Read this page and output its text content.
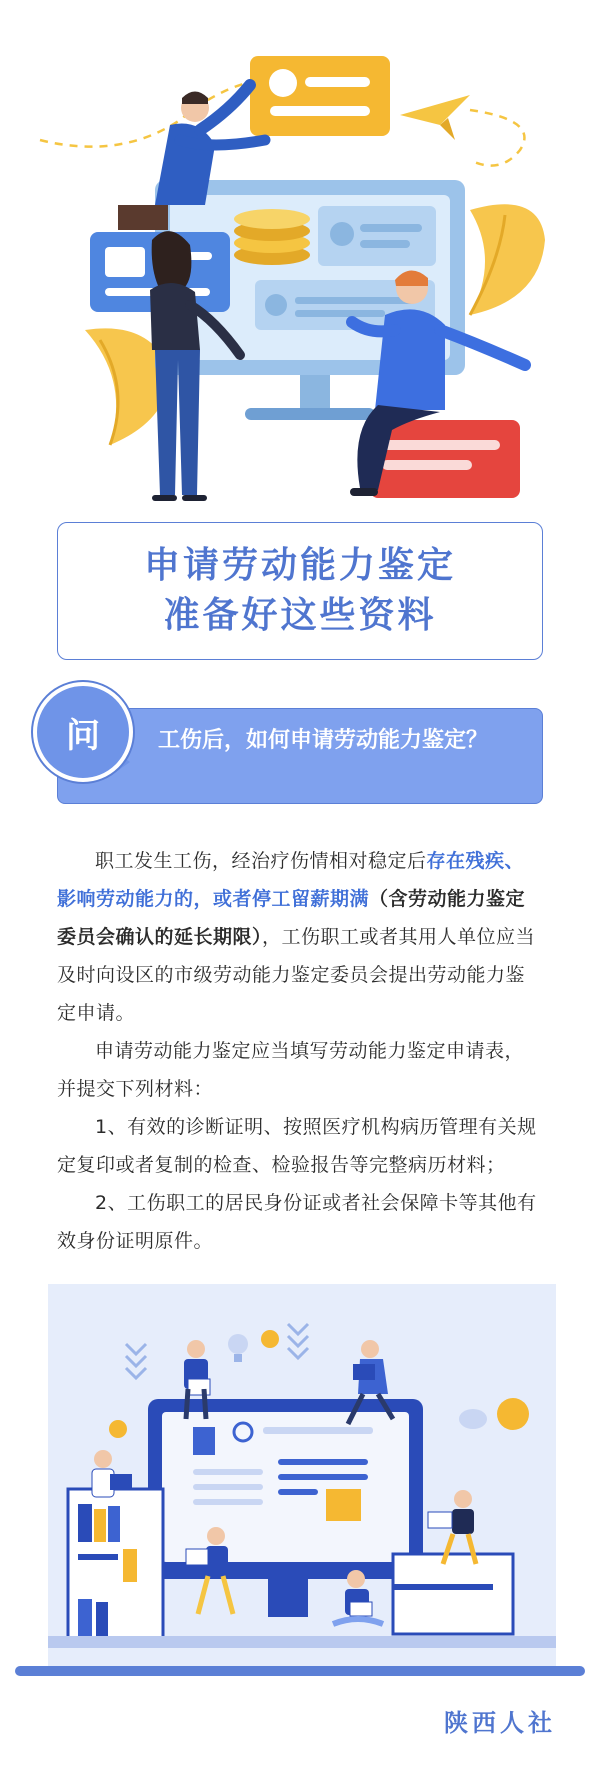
申请劳动能力鉴定
准备好这些资料
工伤后，如何申请劳动能力鉴定？
问

职工发生工伤，经治疗伤情相对稳定后存在残疾、影响劳动能力的，或者停工留薪期满（含劳动能力鉴定委员会确认的延长期限），工伤职工或者其用人单位应当及时向设区的市级劳动能力鉴定委员会提出劳动能力鉴定申请。

申请劳动能力鉴定应当填写劳动能力鉴定申请表，并提交下列材料：

1、有效的诊断证明、按照医疗机构病历管理有关规定复印或者复制的检查、检验报告等完整病历材料；

2、工伤职工的居民身份证或者社会保障卡等其他有效身份证明原件。

陕西人社
